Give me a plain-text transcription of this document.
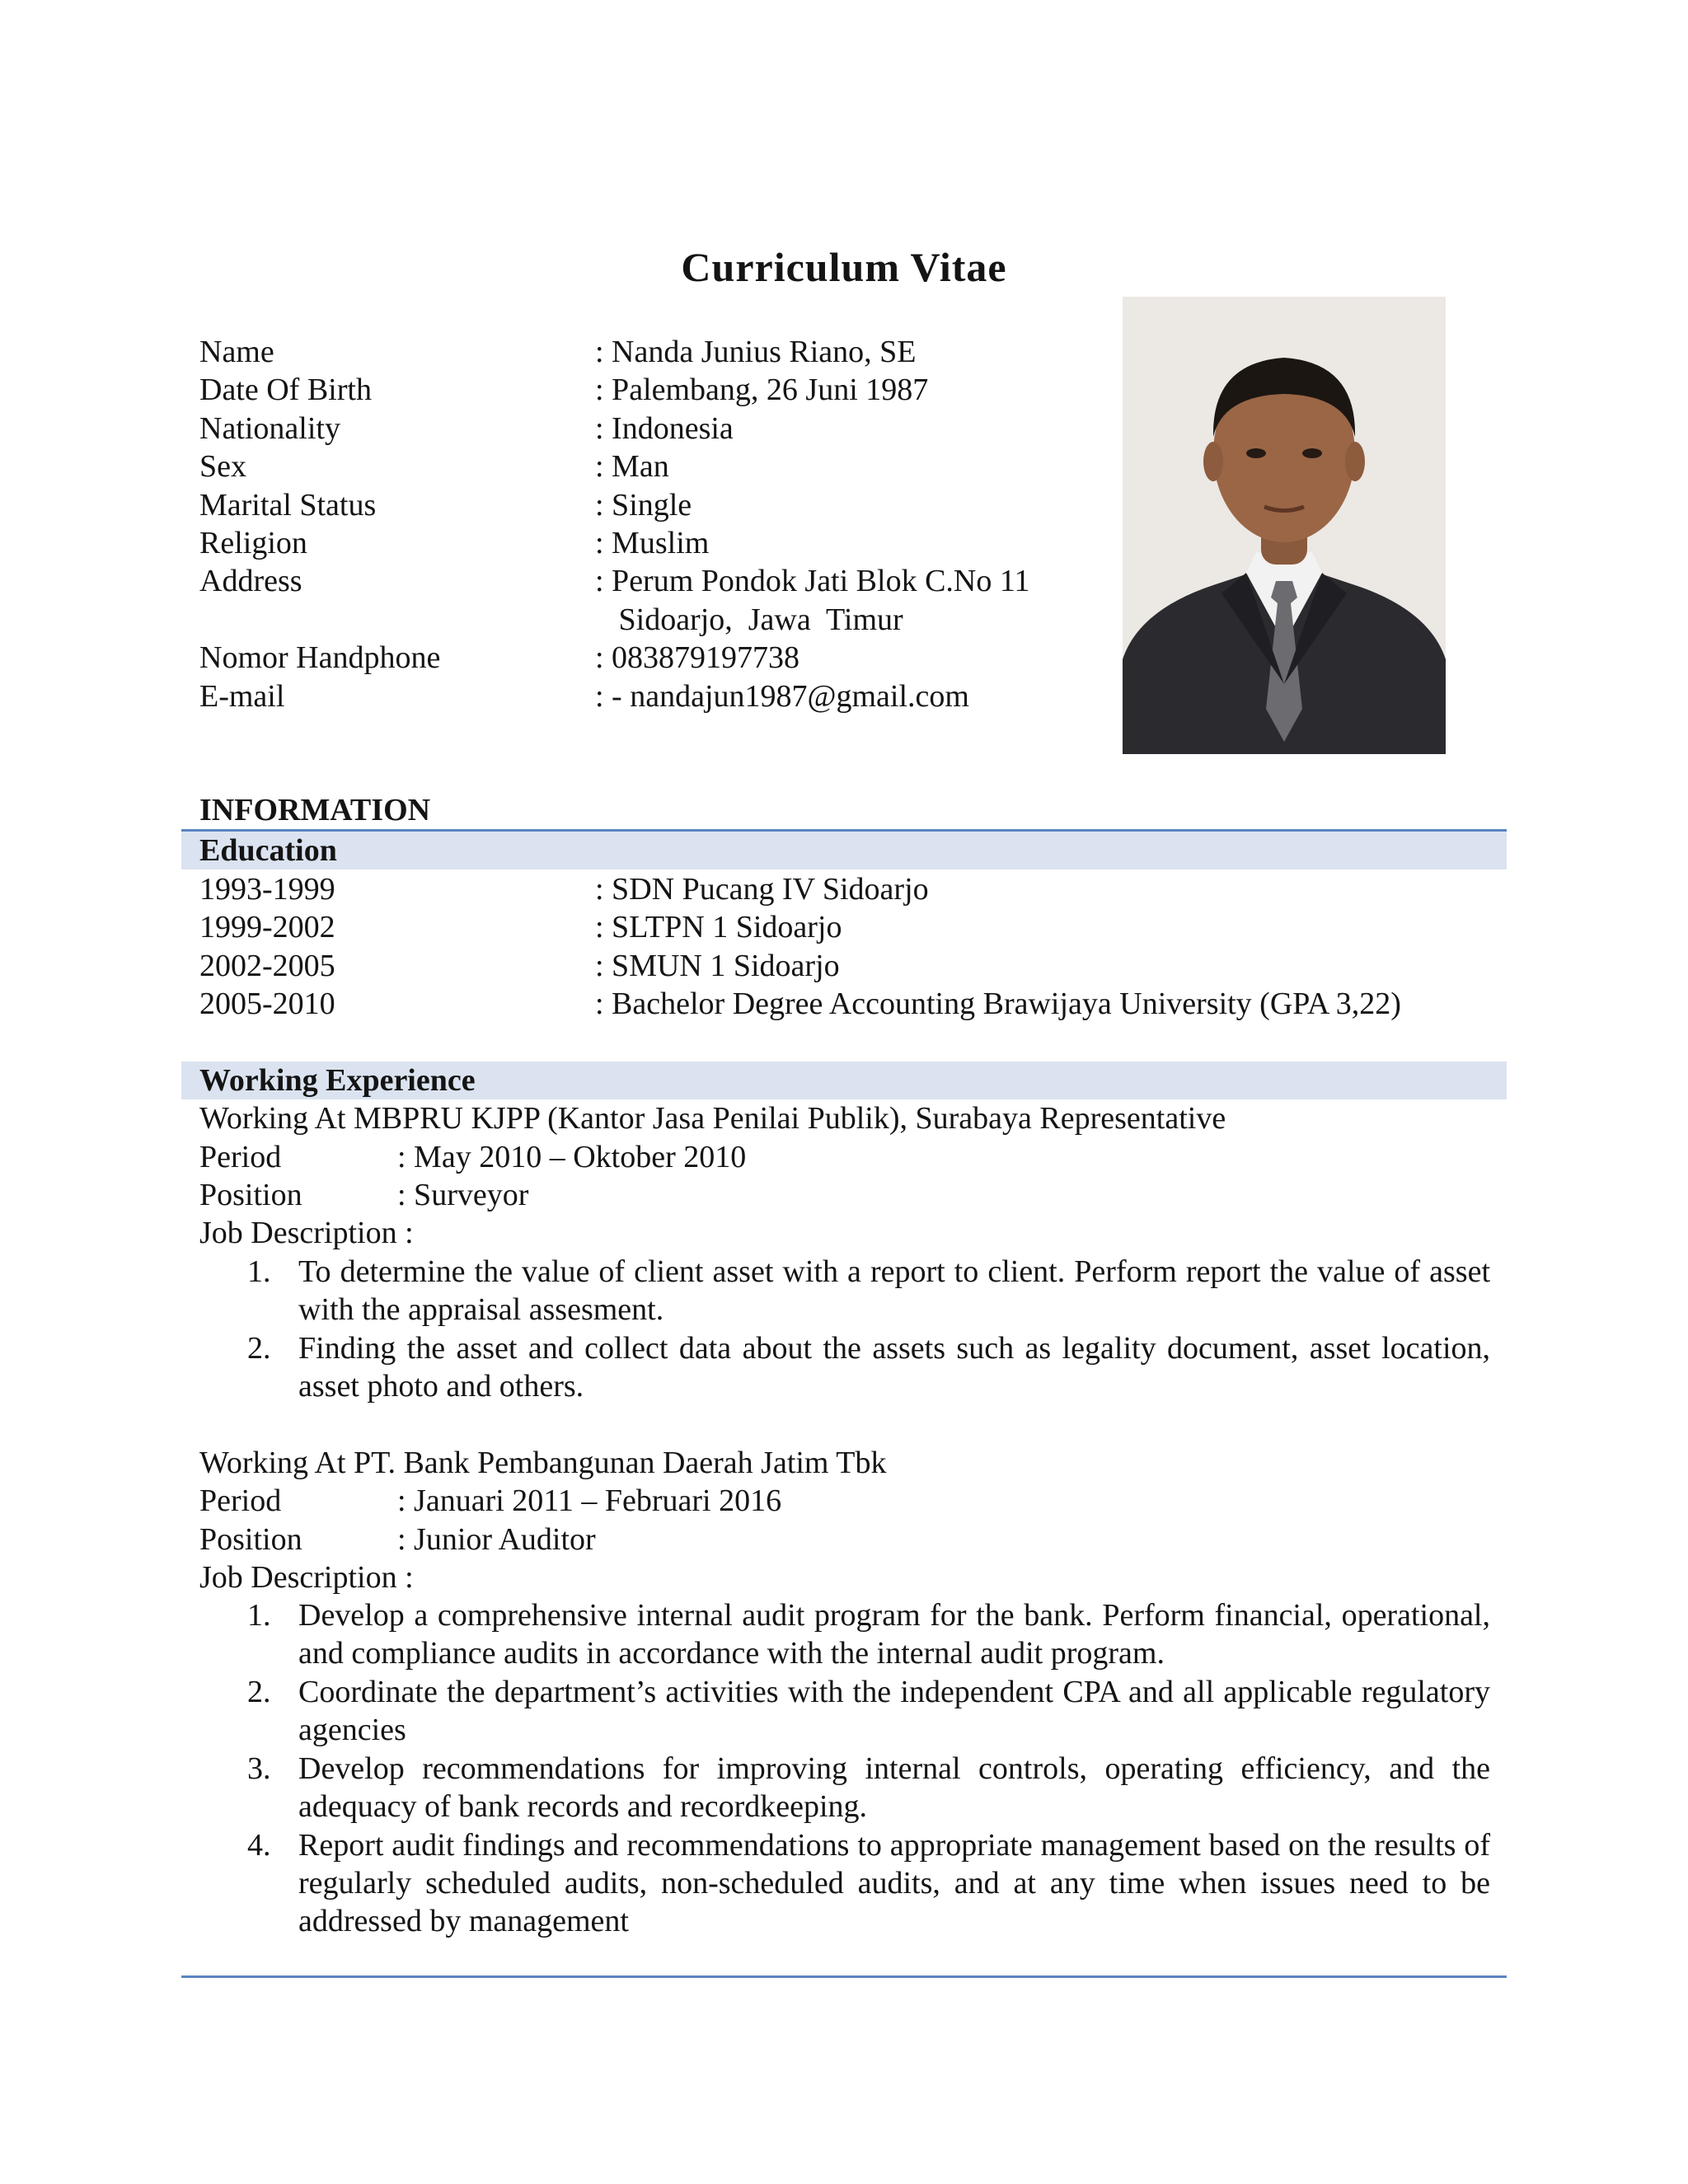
Curriculum Vitae
Name	: Nanda Junius Riano, SE
Date Of Birth	: Palembang, 26 Juni 1987
Nationality	: Indonesia
Sex	: Man
Marital Status	: Single
Religion	: Muslim
Address	: Perum Pondok Jati Blok C.No 11
Sidoarjo,  Jawa  Timur
Nomor Handphone	: 083879197738
E-mail	: - nandajun1987@gmail.com
INFORMATION
Education
1993-1999	: SDN Pucang IV Sidoarjo
1999-2002	: SLTPN 1 Sidoarjo
2002-2005	: SMUN 1 Sidoarjo
2005-2010	: Bachelor Degree Accounting Brawijaya University (GPA 3,22)
Working Experience
Working At MBPRU KJPP (Kantor Jasa Penilai Publik), Surabaya Representative
Period	: May 2010 – Oktober 2010
Position	: Surveyor
Job Description :
1. To determine the value of client asset with a report to client. Perform report the value of asset with the appraisal assesment.
2. Finding the asset and collect data about the assets such as legality document, asset location, asset photo and others.
Working At PT. Bank Pembangunan Daerah Jatim Tbk
Period	: Januari 2011 – Februari 2016
Position	: Junior Auditor
Job Description :
1. Develop a comprehensive internal audit program for the bank. Perform financial, operational, and compliance audits in accordance with the internal audit program.
2. Coordinate the department’s activities with the independent CPA and all applicable regulatory agencies
3. Develop recommendations for improving internal controls, operating efficiency, and the adequacy of bank records and recordkeeping.
4. Report audit findings and recommendations to appropriate management based on the results of regularly scheduled audits, non-scheduled audits, and at any time when issues need to be addressed by management
